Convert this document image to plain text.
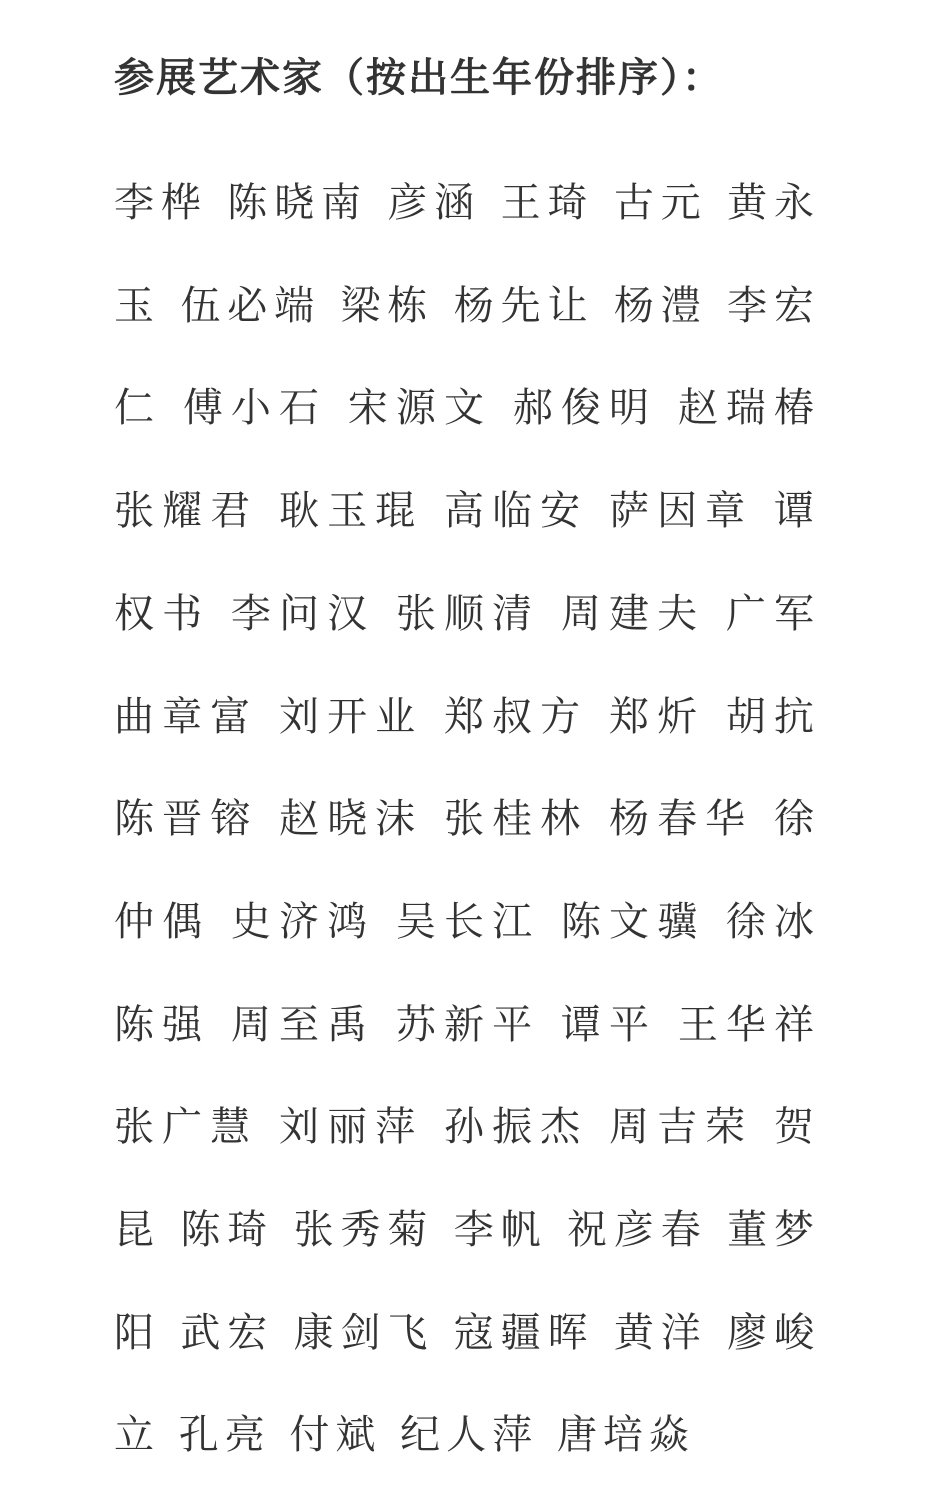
参展艺术家（按出生年份排序）：

李桦 陈晓南 彦涵 王琦 古元 黄永玉 伍必端 梁栋 杨先让 杨澧 李宏仁 傅小石 宋源文 郝俊明 赵瑞椿 张耀君 耿玉琨 高临安 萨因章 谭权书 李问汉 张顺清 周建夫 广军 曲章富 刘开业 郑叔方 郑炘 胡抗 陈晋镕 赵晓沫 张桂林 杨春华 徐仲偶 史济鸿 吴长江 陈文骥 徐冰 陈强 周至禹 苏新平 谭平 王华祥 张广慧 刘丽萍 孙振杰 周吉荣 贺昆 陈琦 张秀菊 李帆 祝彦春 董梦阳 武宏 康剑飞 寇疆晖 黄洋 廖峻立 孔亮 付斌 纪人萍 唐培焱
